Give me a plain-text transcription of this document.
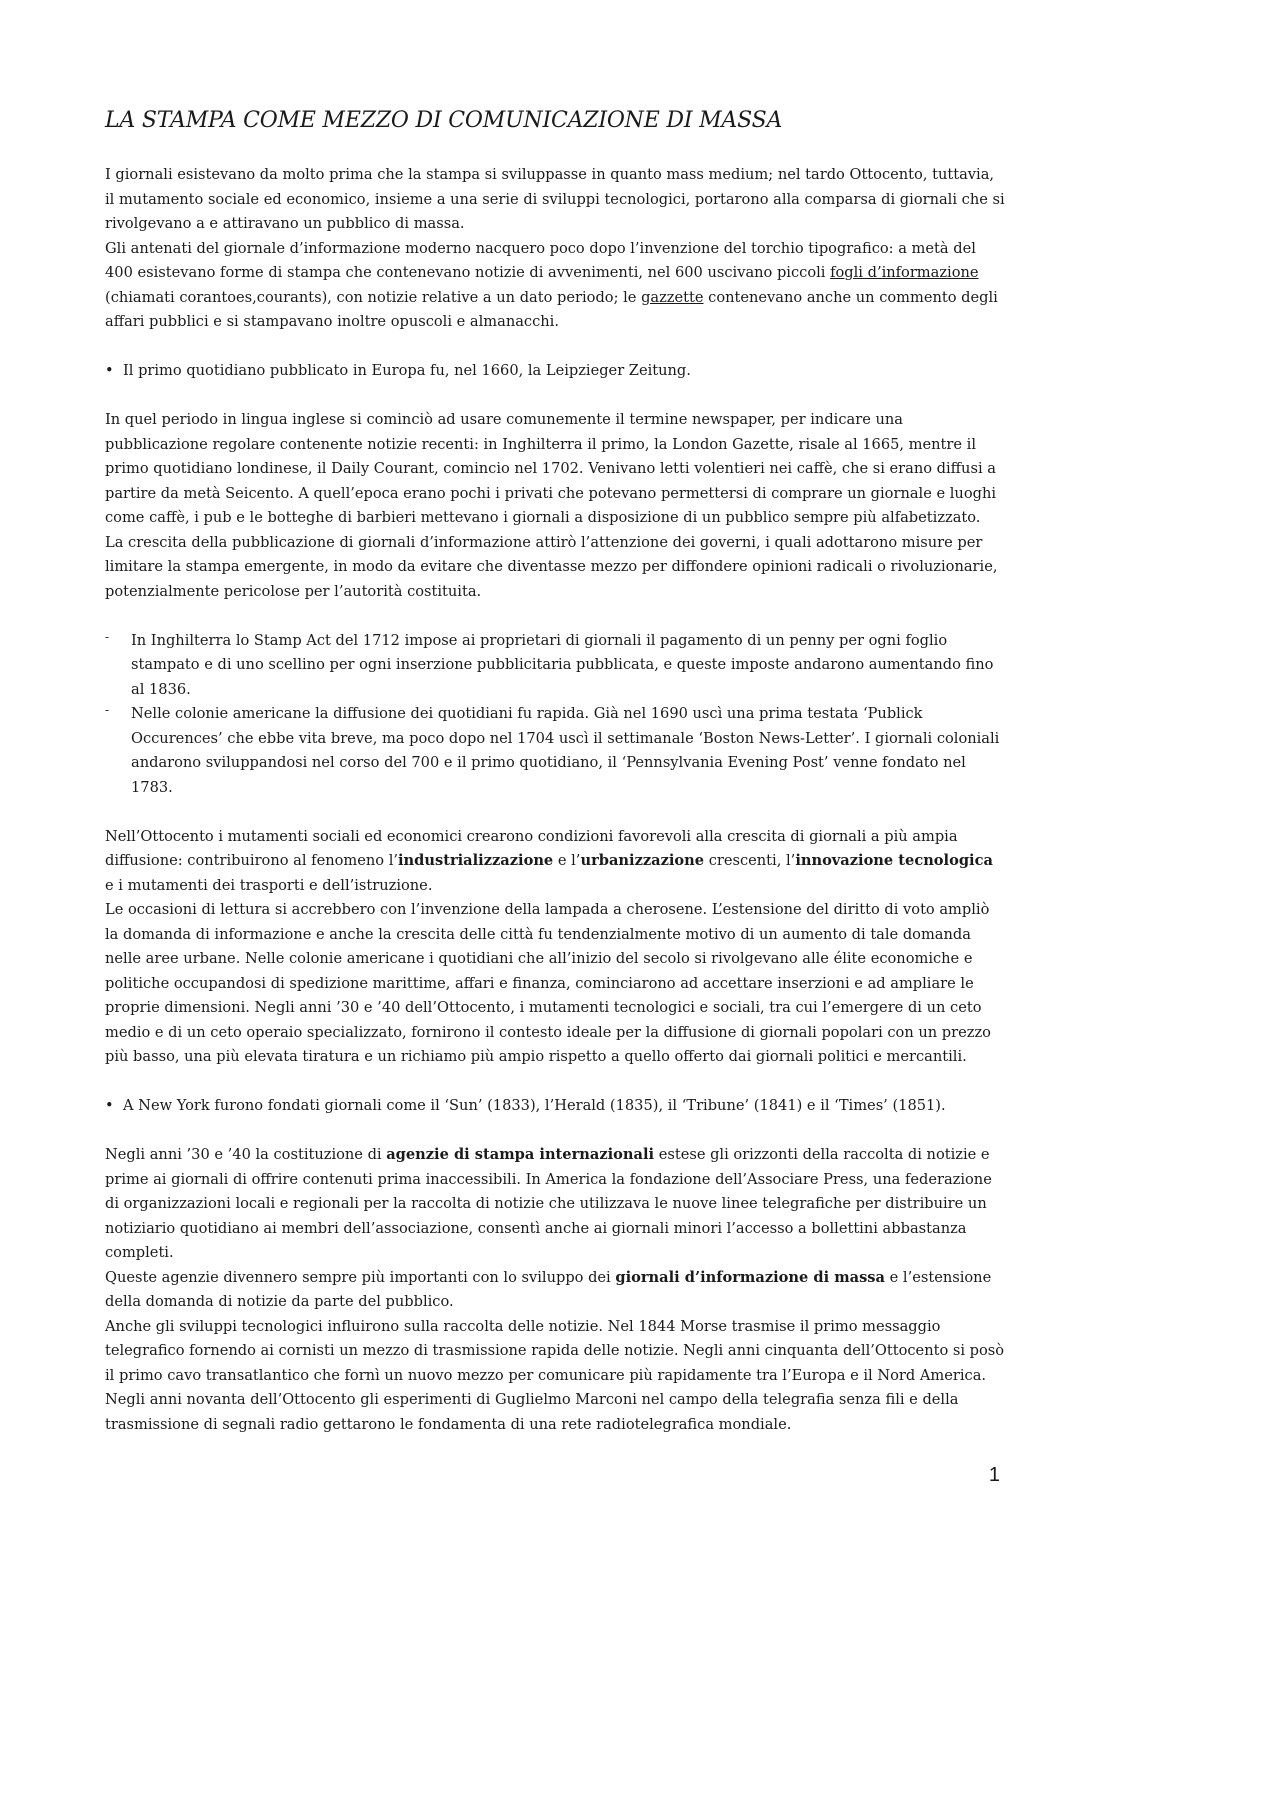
LA STAMPA COME MEZZO DI COMUNICAZIONE DI MASSA

I giornali esistevano da molto prima che la stampa si sviluppasse in quanto mass medium; nel tardo Ottocento, tuttavia, il mutamento sociale ed economico, insieme a una serie di sviluppi tecnologici, portarono alla comparsa di giornali che si rivolgevano a e attiravano un pubblico di massa.

Gli antenati del giornale d’informazione moderno nacquero poco dopo l’invenzione del torchio tipografico: a metà del 400 esistevano forme di stampa che contenevano notizie di avvenimenti, nel 600 uscivano piccoli fogli d’informazione (chiamati corantoes,courants), con notizie relative a un dato periodo; le gazzette contenevano anche un commento degli affari pubblici e si stampavano inoltre opuscoli e almanacchi.

• Il primo quotidiano pubblicato in Europa fu, nel 1660, la Leipzieger Zeitung.

In quel periodo in lingua inglese si cominciò ad usare comunemente il termine newspaper, per indicare una pubblicazione regolare contenente notizie recenti: in Inghilterra il primo, la London Gazette, risale al 1665, mentre il primo quotidiano londinese, il Daily Courant, comincio nel 1702. Venivano letti volentieri nei caffè, che si erano diffusi a partire da metà Seicento. A quell’epoca erano pochi i privati che potevano permettersi di comprare un giornale e luoghi come caffè, i pub e le botteghe di barbieri mettevano i giornali a disposizione di un pubblico sempre più alfabetizzato.

La crescita della pubblicazione di giornali d’informazione attirò l’attenzione dei governi, i quali adottarono misure per limitare la stampa emergente, in modo da evitare che diventasse mezzo per diffondere opinioni radicali o rivoluzionarie, potenzialmente pericolose per l’autorità costituita.

- In Inghilterra lo Stamp Act del 1712 impose ai proprietari di giornali il pagamento di un penny per ogni foglio stampato e di uno scellino per ogni inserzione pubblicitaria pubblicata, e queste imposte andarono aumentando fino al 1836.
- Nelle colonie americane la diffusione dei quotidiani fu rapida. Già nel 1690 uscì una prima testata ‘Publick Occurences’ che ebbe vita breve, ma poco dopo nel 1704 uscì il settimanale ‘Boston News-Letter’. I giornali coloniali andarono sviluppandosi nel corso del 700 e il primo quotidiano, il ‘Pennsylvania Evening Post’ venne fondato nel 1783.

Nell’Ottocento i mutamenti sociali ed economici crearono condizioni favorevoli alla crescita di giornali a più ampia diffusione: contribuirono al fenomeno l’industrializzazione e l’urbanizzazione crescenti, l’innovazione tecnologica e i mutamenti dei trasporti e dell’istruzione.

Le occasioni di lettura si accrebbero con l’invenzione della lampada a cherosene. L’estensione del diritto di voto ampliò la domanda di informazione e anche la crescita delle città fu tendenzialmente motivo di un aumento di tale domanda nelle aree urbane. Nelle colonie americane i quotidiani che all’inizio del secolo si rivolgevano alle élite economiche e politiche occupandosi di spedizione marittime, affari e finanza, cominciarono ad accettare inserzioni e ad ampliare le proprie dimensioni. Negli anni ’30 e ’40 dell’Ottocento, i mutamenti tecnologici e sociali, tra cui l’emergere di un ceto medio e di un ceto operaio specializzato, fornirono il contesto ideale per la diffusione di giornali popolari con un prezzo più basso, una più elevata tiratura e un richiamo più ampio rispetto a quello offerto dai giornali politici e mercantili.

• A New York furono fondati giornali come il ‘Sun’ (1833), l’Herald (1835), il ‘Tribune’ (1841) e il ‘Times’ (1851).

Negli anni ’30 e ’40 la costituzione di agenzie di stampa internazionali estese gli orizzonti della raccolta di notizie e prime ai giornali di offrire contenuti prima inaccessibili. In America la fondazione dell’Associare Press, una federazione di organizzazioni locali e regionali per la raccolta di notizie che utilizzava le nuove linee telegrafiche per distribuire un notiziario quotidiano ai membri dell’associazione, consentì anche ai giornali minori l’accesso a bollettini abbastanza completi.

Queste agenzie divennero sempre più importanti con lo sviluppo dei giornali d’informazione di massa e l’estensione della domanda di notizie da parte del pubblico.

Anche gli sviluppi tecnologici influirono sulla raccolta delle notizie. Nel 1844 Morse trasmise il primo messaggio telegrafico fornendo ai cornisti un mezzo di trasmissione rapida delle notizie. Negli anni cinquanta dell’Ottocento si posò il primo cavo transatlantico che fornì un nuovo mezzo per comunicare più rapidamente tra l’Europa e il Nord America. Negli anni novanta dell’Ottocento gli esperimenti di Guglielmo Marconi nel campo della telegrafia senza fili e della trasmissione di segnali radio gettarono le fondamenta di una rete radiotelegrafica mondiale.

1
